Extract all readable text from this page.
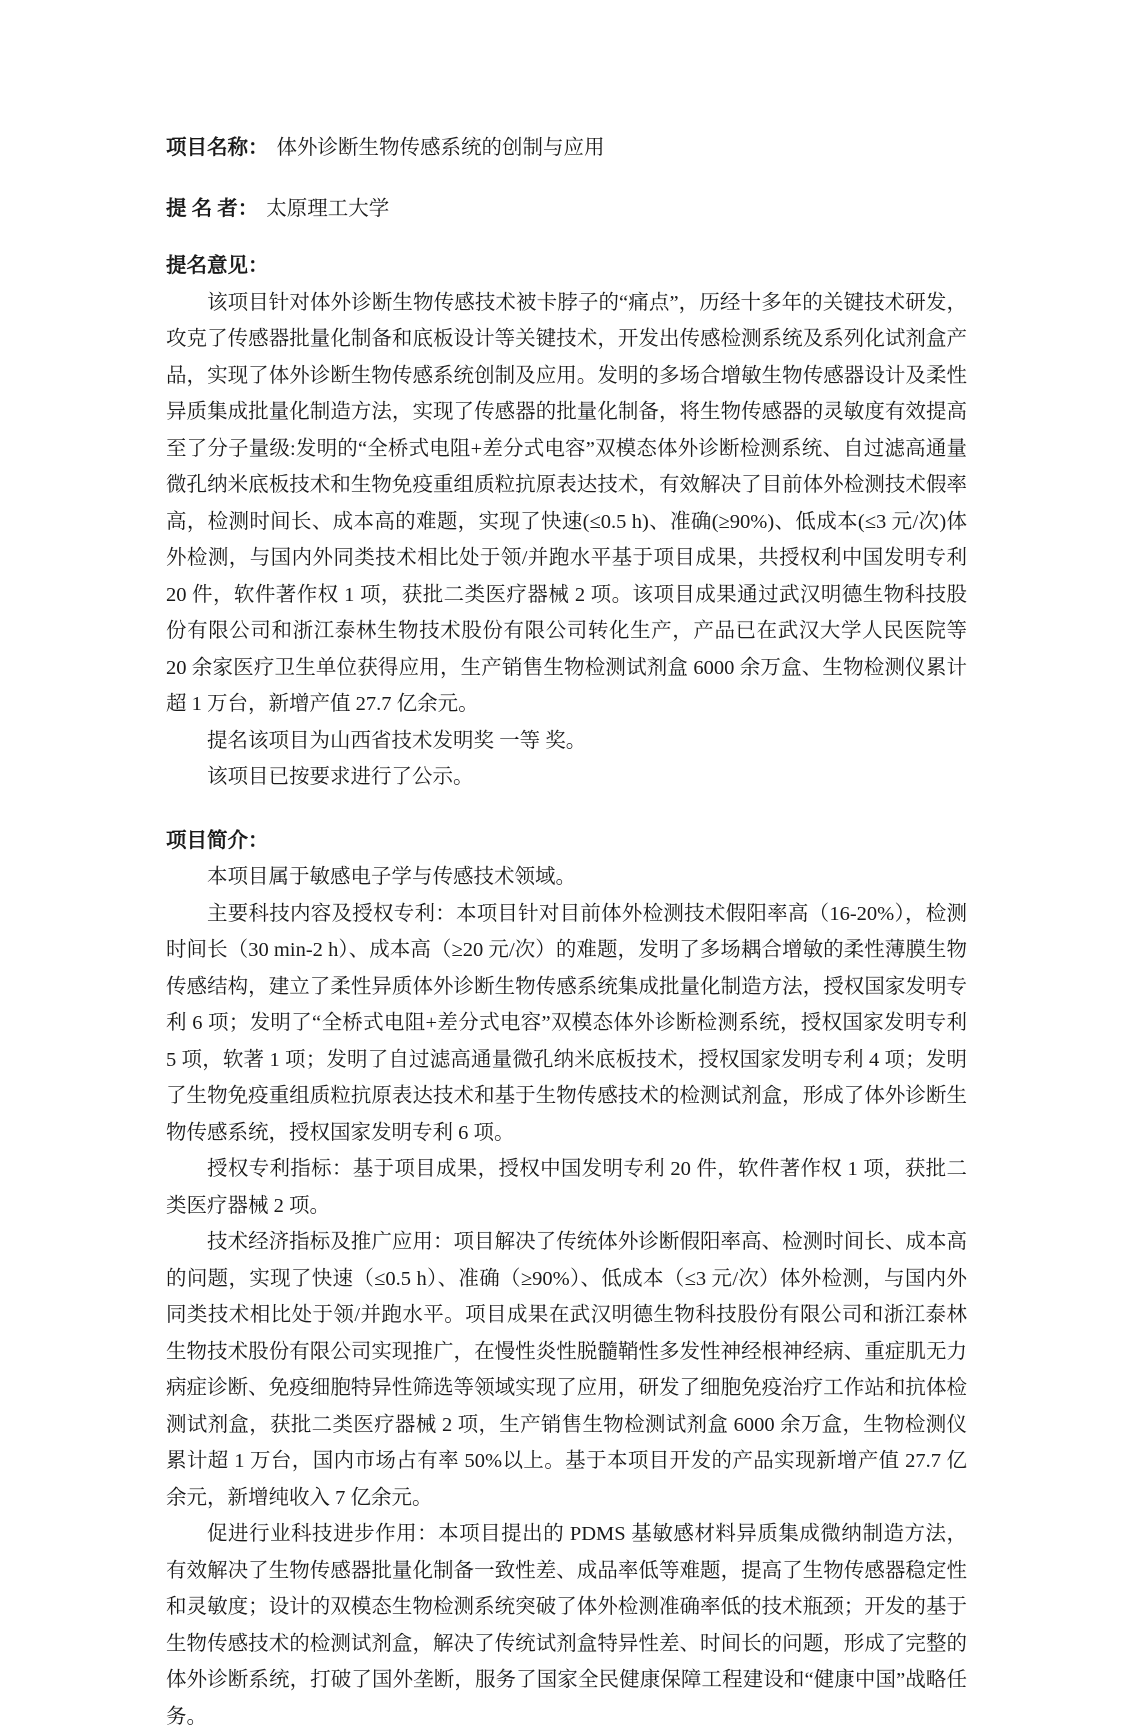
项目名称： 体外诊断生物传感系统的创制与应用
提 名 者： 太原理工大学
提名意见：

该项目针对体外诊断生物传感技术被卡脖子的“痛点”，历经十多年的关键技术研发，攻克了传感器批量化制备和底板设计等关键技术，开发出传感检测系统及系列化试剂盒产品，实现了体外诊断生物传感系统创制及应用。发明的多场合增敏生物传感器设计及柔性异质集成批量化制造方法，实现了传感器的批量化制备，将生物传感器的灵敏度有效提高至了分子量级:发明的“全桥式电阻+差分式电容”双模态体外诊断检测系统、自过滤高通量微孔纳米底板技术和生物免疫重组质粒抗原表达技术，有效解决了目前体外检测技术假率高，检测时间长、成本高的难题，实现了快速(≤0.5 h)、准确(≥90%)、低成本(≤3 元/次)体外检测，与国内外同类技术相比处于领/并跑水平基于项目成果，共授权利中国发明专利 20 件，软件著作权 1 项，获批二类医疗器械 2 项。该项目成果通过武汉明德生物科技股份有限公司和浙江泰林生物技术股份有限公司转化生产，产品已在武汉大学人民医院等 20 余家医疗卫生单位获得应用，生产销售生物检测试剂盒 6000 余万盒、生物检测仪累计超 1 万台，新增产值 27.7 亿余元。

提名该项目为山西省技术发明奖 一等 奖。

该项目已按要求进行了公示。

项目简介：

本项目属于敏感电子学与传感技术领域。

主要科技内容及授权专利：本项目针对目前体外检测技术假阳率高（16-20%），检测时间长（30 min-2 h）、成本高（≥20 元/次）的难题，发明了多场耦合增敏的柔性薄膜生物传感结构，建立了柔性异质体外诊断生物传感系统集成批量化制造方法，授权国家发明专利 6 项；发明了“全桥式电阻+差分式电容”双模态体外诊断检测系统，授权国家发明专利 5 项，软著 1 项；发明了自过滤高通量微孔纳米底板技术，授权国家发明专利 4 项；发明了生物免疫重组质粒抗原表达技术和基于生物传感技术的检测试剂盒，形成了体外诊断生物传感系统，授权国家发明专利 6 项。

授权专利指标：基于项目成果，授权中国发明专利 20 件，软件著作权 1 项，获批二类医疗器械 2 项。

技术经济指标及推广应用：项目解决了传统体外诊断假阳率高、检测时间长、成本高的问题，实现了快速（≤0.5 h）、准确（≥90%）、低成本（≤3 元/次）体外检测，与国内外同类技术相比处于领/并跑水平。项目成果在武汉明德生物科技股份有限公司和浙江泰林生物技术股份有限公司实现推广，在慢性炎性脱髓鞘性多发性神经根神经病、重症肌无力病症诊断、免疫细胞特异性筛选等领域实现了应用，研发了细胞免疫治疗工作站和抗体检测试剂盒，获批二类医疗器械 2 项，生产销售生物检测试剂盒 6000 余万盒，生物检测仪累计超 1 万台，国内市场占有率 50%以上。基于本项目开发的产品实现新增产值 27.7 亿余元，新增纯收入 7 亿余元。

促进行业科技进步作用：本项目提出的 PDMS 基敏感材料异质集成微纳制造方法，有效解决了生物传感器批量化制备一致性差、成品率低等难题，提高了生物传感器稳定性和灵敏度；设计的双模态生物检测系统突破了体外检测准确率低的技术瓶颈；开发的基于生物传感技术的检测试剂盒，解决了传统试剂盒特异性差、时间长的问题，形成了完整的体外诊断系统，打破了国外垄断，服务了国家全民健康保障工程建设和“健康中国”战略任务。
